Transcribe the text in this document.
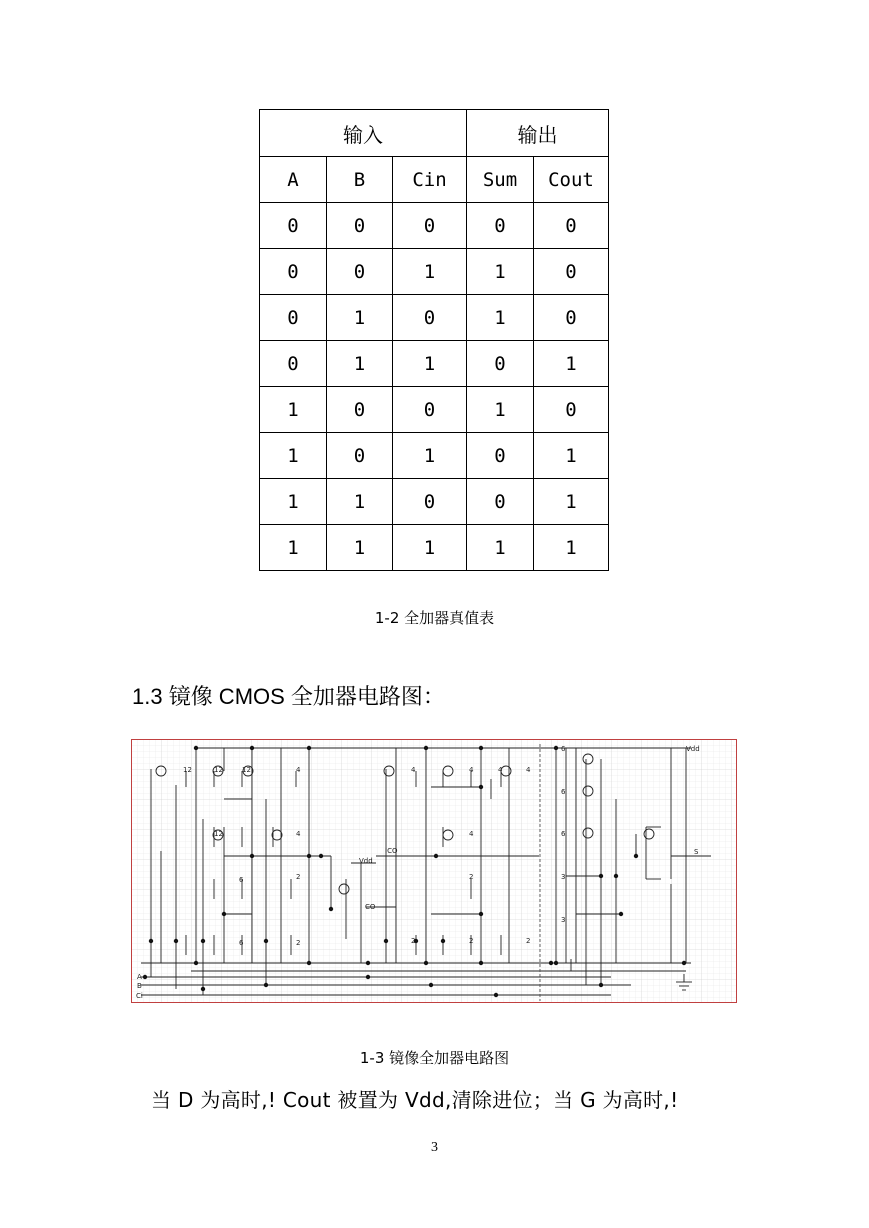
输入			输出	
A	B	Cin	Sum	Cout
0	0	0	0	0
0	0	1	1	0
0	1	0	1	0
0	1	1	0	1
1	0	0	1	0
1	0	1	0	1
1	1	0	0	1
1	1	1	1	1
1-2 全加器真值表
1.3 镜像 CMOS 全加器电路图：
Vdd
Vdd
ICO
CO
S
A
B
Ci
12	12	12	4
12	4
6
6
2
2
4	4	4	4
4
2
2	2	2
6
6
6
3
3
1-3 镜像全加器电路图
当 D 为高时,! Cout 被置为 Vdd,清除进位；当 G 为高时,!
3
